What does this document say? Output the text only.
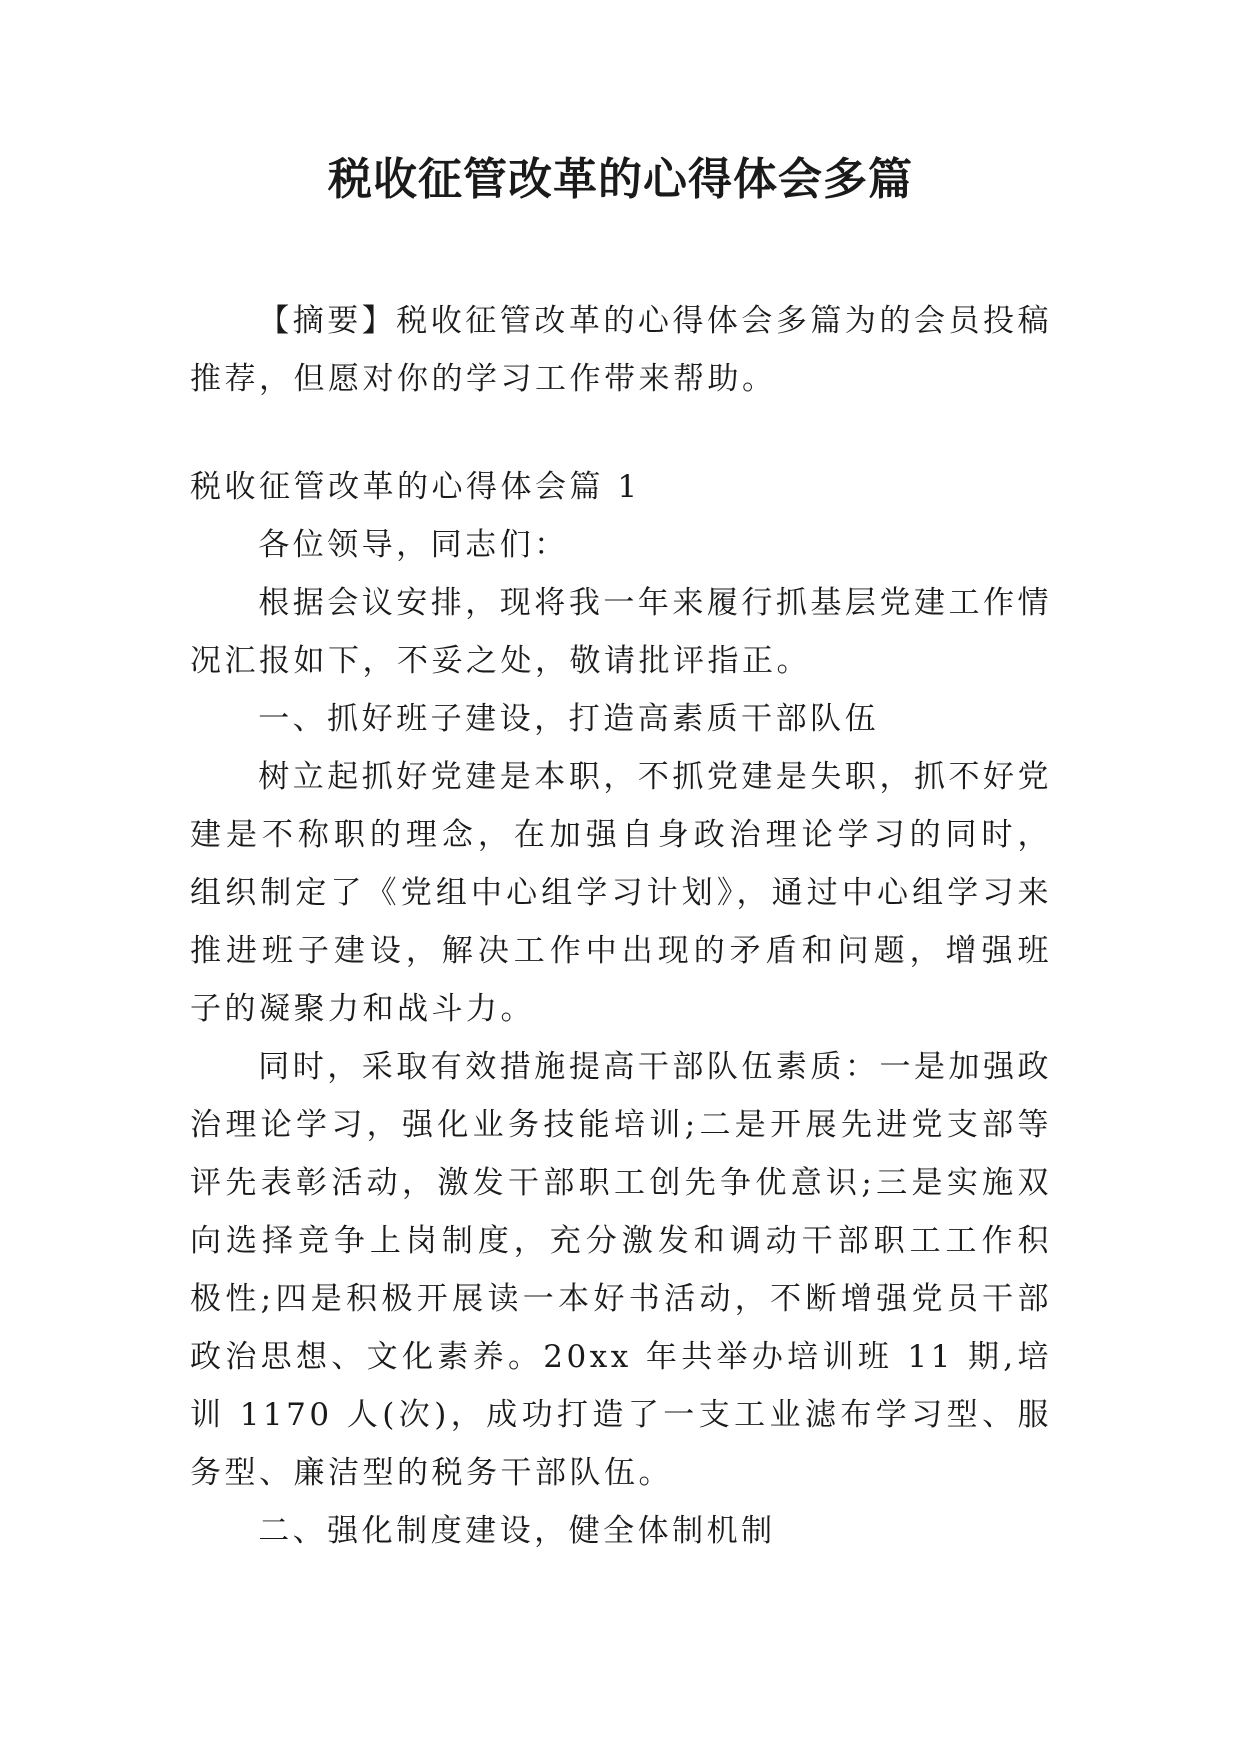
税收征管改革的心得体会多篇

【摘要】税收征管改革的心得体会多篇为的会员投稿推荐，但愿对你的学习工作带来帮助。

税收征管改革的心得体会篇 1

各位领导，同志们：

根据会议安排，现将我一年来履行抓基层党建工作情况汇报如下，不妥之处，敬请批评指正。

一、抓好班子建设，打造高素质干部队伍

树立起抓好党建是本职，不抓党建是失职，抓不好党建是不称职的理念，在加强自身政治理论学习的同时，组织制定了《党组中心组学习计划》，通过中心组学习来推进班子建设，解决工作中出现的矛盾和问题，增强班子的凝聚力和战斗力。

同时，采取有效措施提高干部队伍素质：一是加强政治理论学习，强化业务技能培训;二是开展先进党支部等评先表彰活动，激发干部职工创先争优意识;三是实施双向选择竞争上岗制度，充分激发和调动干部职工工作积极性;四是积极开展读一本好书活动，不断增强党员干部政治思想、文化素养。20xx 年共举办培训班 11 期,培训 1170 人(次)，成功打造了一支工业滤布学习型、服务型、廉洁型的税务干部队伍。

二、强化制度建设，健全体制机制
